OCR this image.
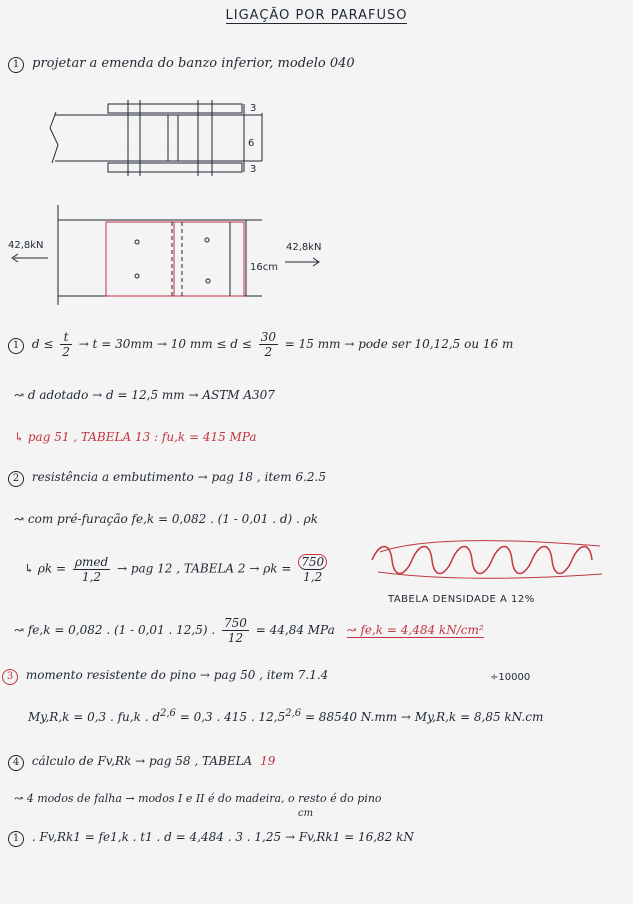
LIGAÇÃO POR PARAFUSO
1 projetar a emenda do banzo inferior, modelo 040
3
6
3
42,8kN	42,8kN
16cm
1 $d \le \frac{t}{2} \to t = 30mm \to 10$ mm ≤ $d \le \frac{30}{2} = 15$ mm → pode ser 10,12,5 ou 16 m
↝ d adotado → d = 12,5 mm → ASTM A307
↳ pag 51 , TABELA 13 : fu,k = 415 MPa
2 resistência a embutimento → pag 18 , item 6.2.5
↝ com pré-furação fe,k = 0,082 . (1 - 0,01 . d) . ρk
↳ $\rho k = \frac{\text{ρmed}}{1,2}$ → pag 12 , TABELA $2 \to \rho k = \frac{750}{1,2}$
TABELA DENSIDADE A 12%
↝ fe,k = 0,082 . (1 - 0,01 . 12,5) . $\frac{750}{12} = 44,84$ MPa ↝ fe,k = 4,484 kN/cm²
3 momento resistente do pino → pag 50 , item 7.1.4	÷10000
My,R,k = 0,3 . fu,k . $d^{2,6} = 0,3$ . 415 . $12,5^{2,6} = 88540$ N.mm → My,R,k = 8,85 kN.cm
4 cálculo de Fv,Rk → pag 58 , TABELA 19
↝ 4 modos de falha → modos I e II é do madeira, o resto é do pino
cm
1 . Fv,Rk1 = fe1,k . t1 . d = 4,484 . 3 . 1,25 → Fv,Rk1 = 16,82 kN
